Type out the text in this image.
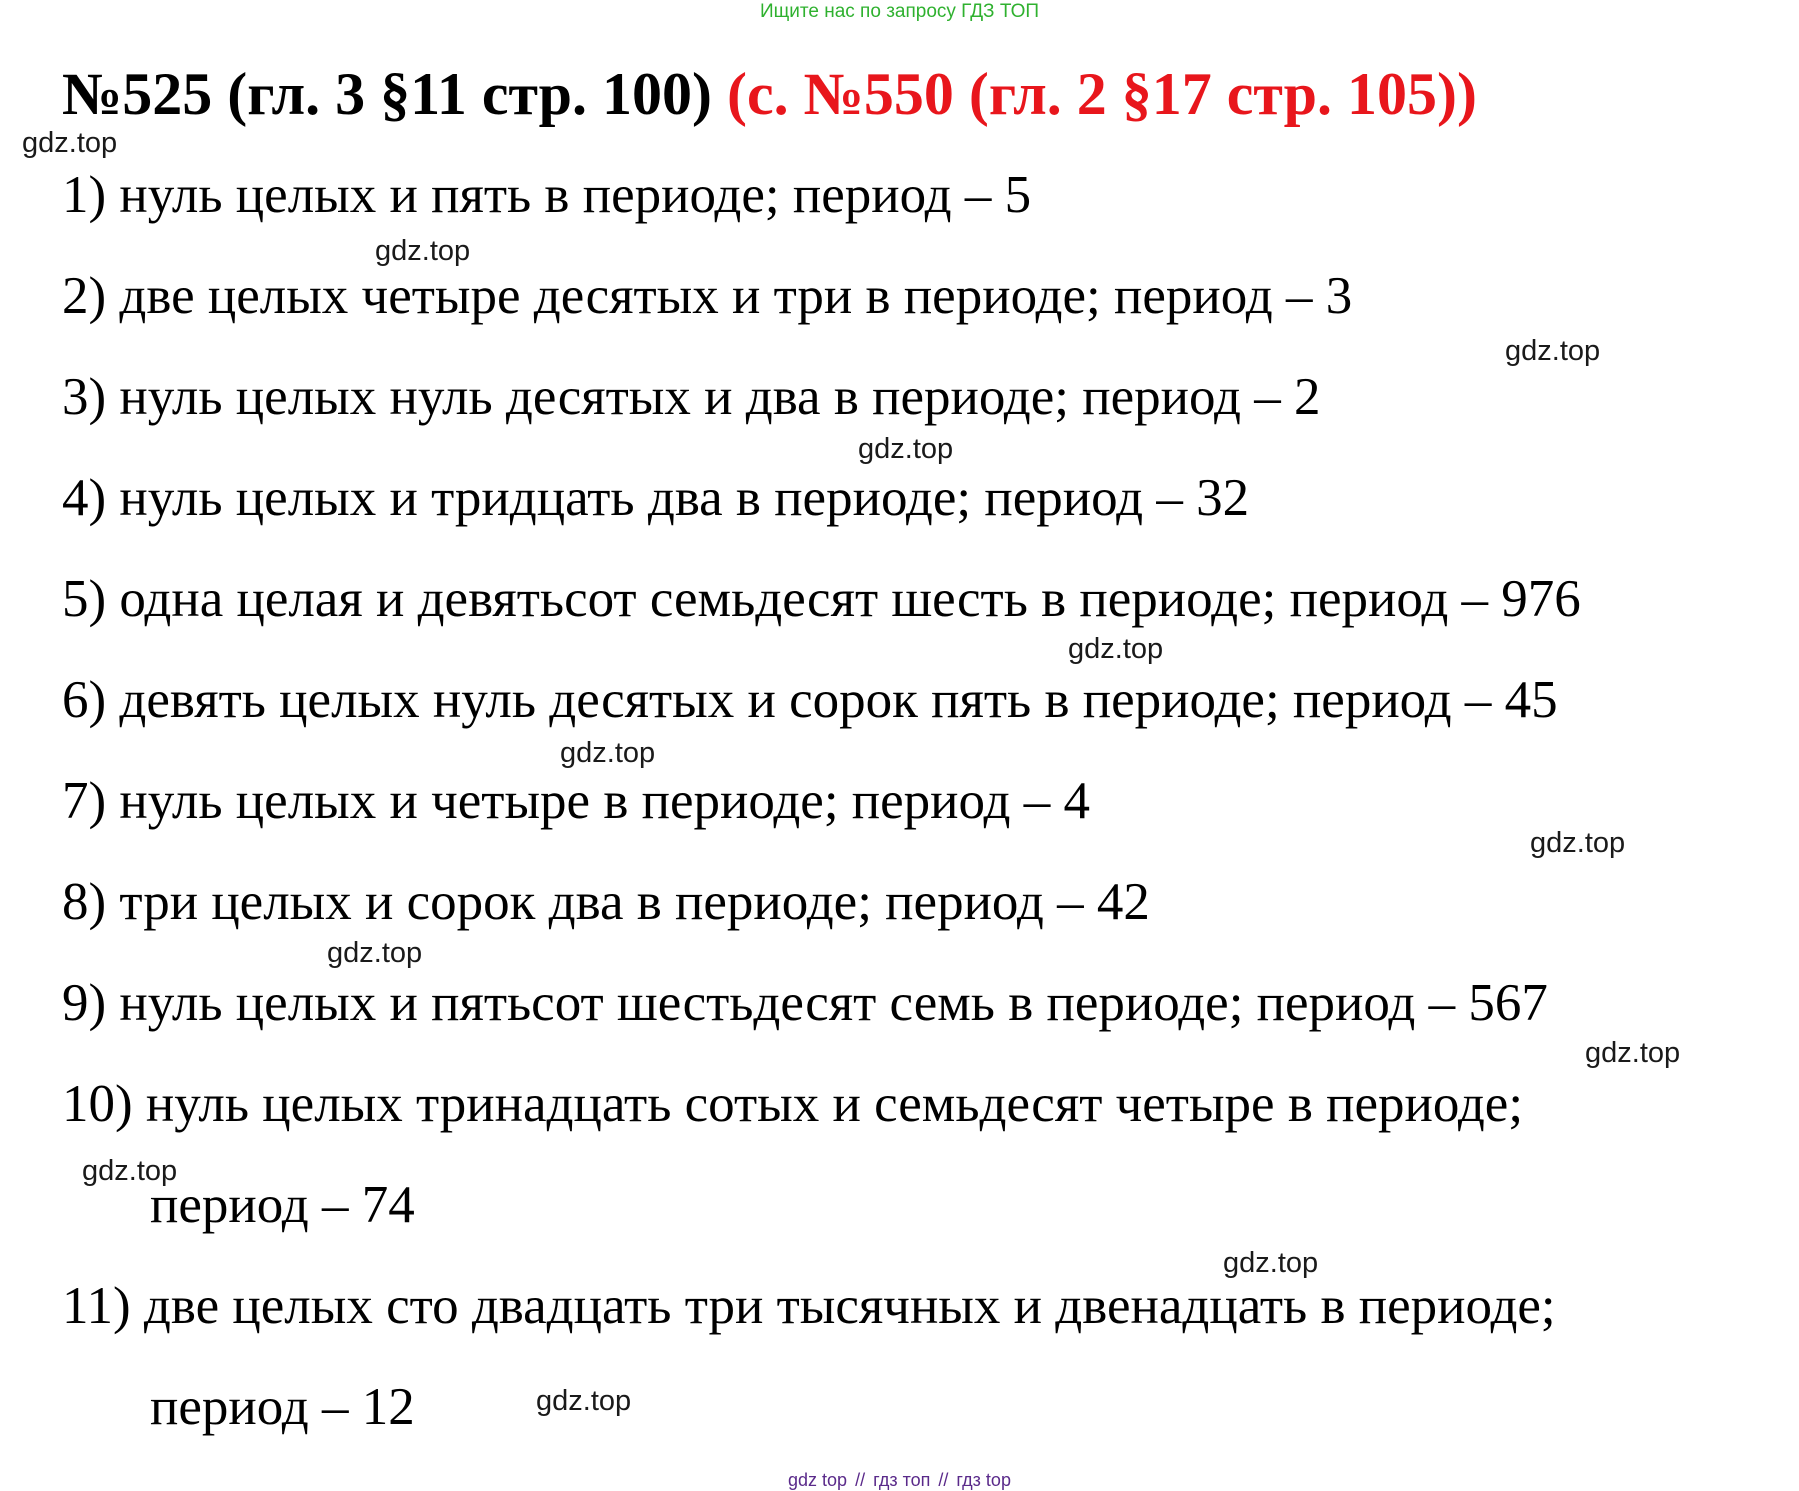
Ищите нас по запросу ГДЗ ТОП
№525 (гл. 3 §11 стр. 100) (с. №550 (гл. 2 §17 стр. 105))

1) нуль целых и пять в периоде; период – 5

2) две целых четыре десятых и три в периоде; период – 3

3) нуль целых нуль десятых и два в периоде; период – 2

4) нуль целых и тридцать два в периоде; период – 32

5) одна целая и девятьсот семьдесят шесть в периоде; период – 976

6) девять целых нуль десятых и сорок пять в периоде; период – 45

7) нуль целых и четыре в периоде; период – 4

8) три целых и сорок два в периоде; период – 42

9) нуль целых и пятьсот шестьдесят семь в периоде; период – 567

10) нуль целых тринадцать сотых и семьдесят четыре в периоде;

период – 74

11) две целых сто двадцать три тысячных и двенадцать в периоде;

период – 12

gdz.top
gdz.top
gdz.top
gdz.top
gdz.top
gdz.top
gdz.top
gdz.top
gdz.top
gdz.top
gdz.top
gdz.top
gdz top // гдз топ // гдз top
